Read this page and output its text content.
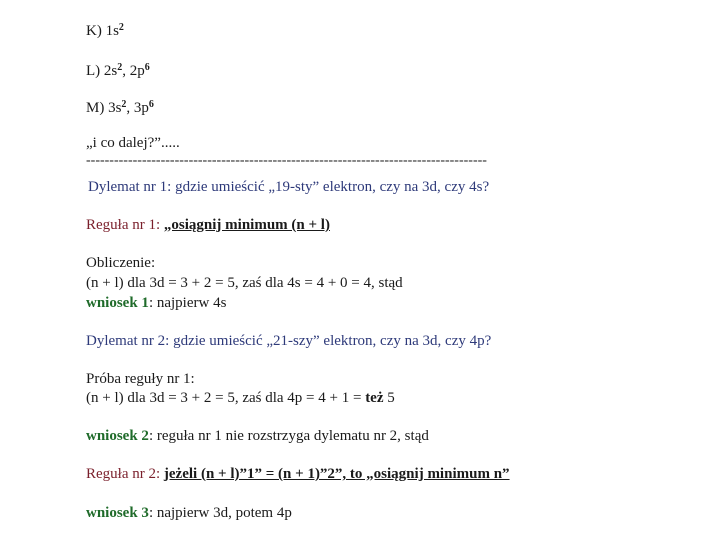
K) $1s^2$
L) $2s^2$, $2p^6$
M) $3s^2$, $3p^6$
„i co dalej?”.....
--------------------------------------------------------------------------------------
Dylemat nr 1: gdzie umieścić „19-sty” elektron, czy na 3d, czy 4s?
Reguła nr 1: „osiągnij minimum (n + l)
Obliczenie:
(n + l) dla 3d = 3 + 2 = 5, zaś dla 4s = 4 + 0 = 4, stąd
wniosek 1: najpierw 4s
Dylemat nr 2: gdzie umieścić „21-szy” elektron, czy na 3d, czy 4p?
Próba reguły nr 1:
(n + l) dla 3d = 3 + 2 = 5, zaś dla 4p = 4 + 1 = też 5
wniosek 2: reguła nr 1 nie rozstrzyga dylematu nr 2, stąd
Reguła nr 2: jeżeli (n + l)”1” = (n + 1)”2”, to „osiągnij minimum n”
wniosek 3: najpierw 3d, potem 4p
